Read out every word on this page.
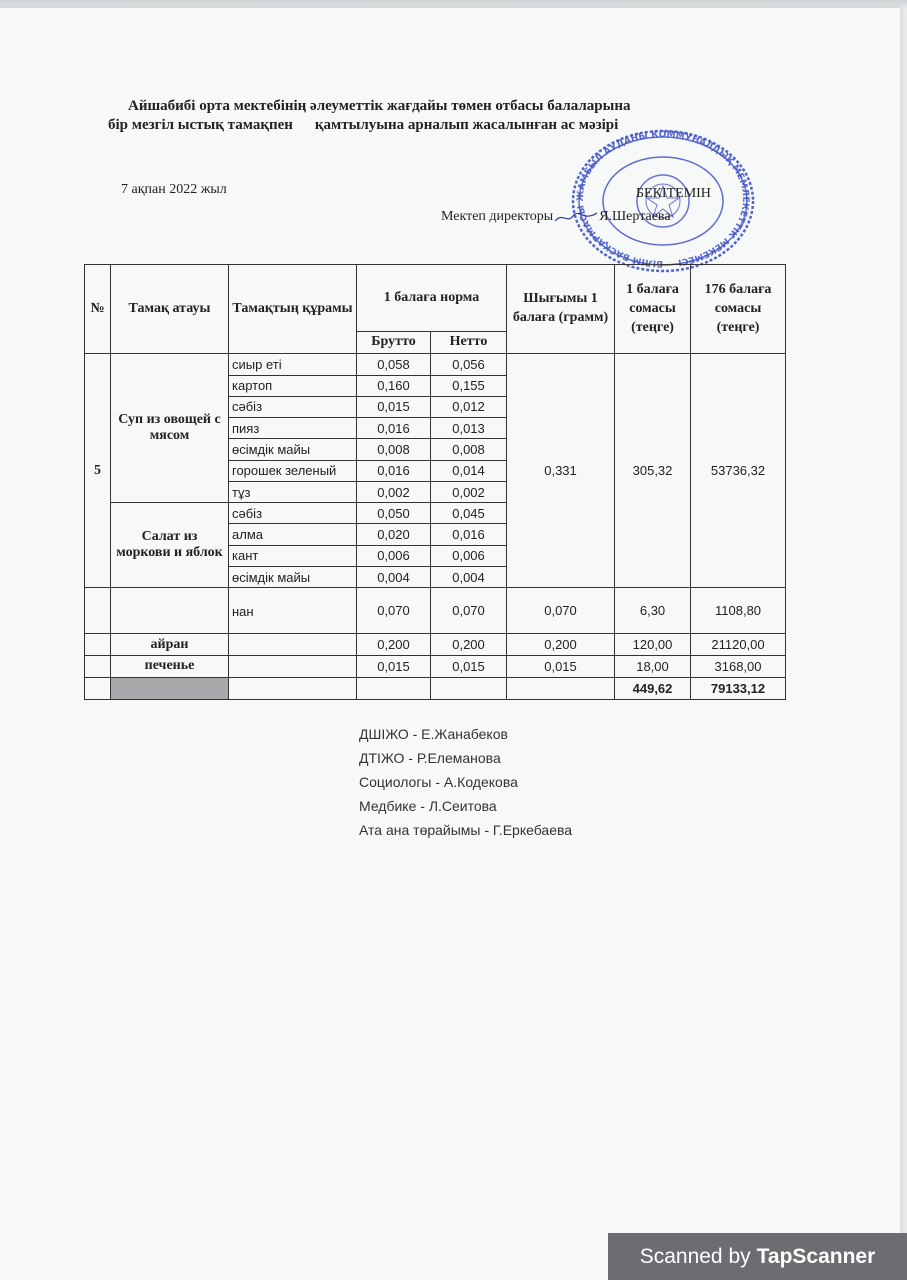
Айшабибі орта мектебінің әлеуметтік жағдайы төмен отбасы балаларына
бір мезгіл ыстық тамақпен қамтылуына арналып жасалынған ас мәзірі
7 ақпан 2022 жыл
БІЛІМ БАСҚАРМАСЫ ЖАМБЫЛ АУДАНЫ КОММУНАЛДЫҚ МЕМЛЕКЕТТІК МЕКЕМЕСІ
БЕКІТЕМІН
Мектеп директоры	Я.Шертаева
№	Тамақ атауы	Тамақтың құрамы	1 балаға норма		Шығымы 1 балаға (грамм)	1 балаға сомасы (теңге)	176 балаға сомасы (теңге)
			Брутто	Нетто			
5	Суп из овощей с мясом	сиыр еті	0,058	0,056	0,331	305,32	53736,32
		картоп	0,160	0,155			
		сәбіз	0,015	0,012			
		пияз	0,016	0,013			
		өсімдік майы	0,008	0,008			
		горошек зеленый	0,016	0,014			
		тұз	0,002	0,002			
	Салат из моркови и яблок	сәбіз	0,050	0,045			
		алма	0,020	0,016			
		кант	0,006	0,006			
		өсімдік майы	0,004	0,004			
		нан	0,070	0,070	0,070	6,30	1108,80
	айран		0,200	0,200	0,200	120,00	21120,00
	печенье		0,015	0,015	0,015	18,00	3168,00
						449,62	79133,12
ДШІЖО - Е.Жанабеков
ДТІЖО - Р.Елеманова
Социологы - А.Кодекова
Медбике - Л.Сеитова
Ата ана төрайымы - Г.Еркебаева
Scanned by TapScanner
